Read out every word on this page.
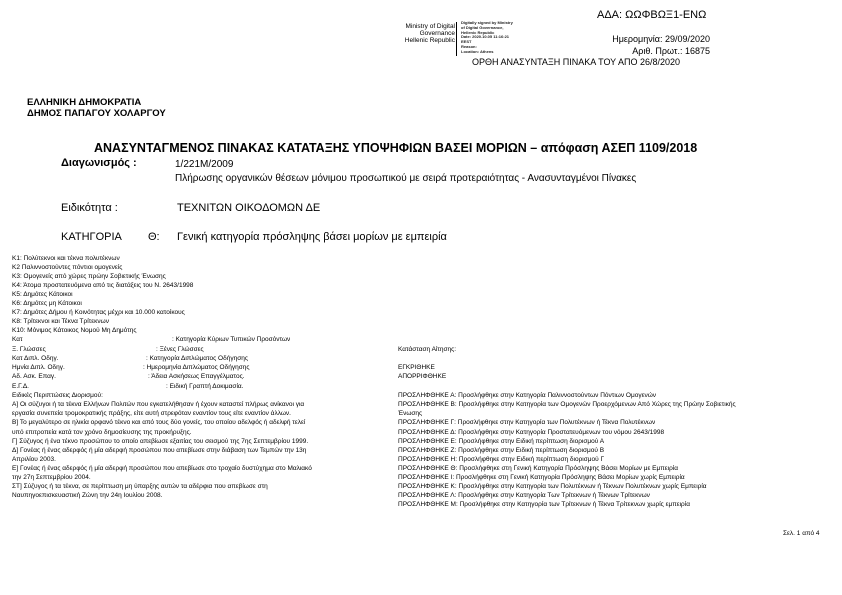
ΑΔΑ: ΩΩΦΒΩΞ1-ΕΝΩ
Ministry of Digital
Governance
Hellenic Republic
Digitally signed by Ministry
of Digital Governance,
Hellenic Republic
Date: 2020.10.05 11:16:21
EEST
Reason:
Location: Athens
Ημερομηνία: 29/09/2020
Αριθ. Πρωτ.: 16875
ΟΡΘΗ ΑΝΑΣΥΝΤΑΞΗ ΠΙΝΑΚΑ ΤΟΥ ΑΠΟ 26/8/2020
ΕΛΛΗΝΙΚΗ ΔΗΜΟΚΡΑΤΙΑ
ΔΗΜΟΣ ΠΑΠΑΓΟΥ ΧΟΛΑΡΓΟΥ
ΑΝΑΣΥΝΤΑΓΜΕΝΟΣ ΠΙΝΑΚΑΣ ΚΑΤΑΤΑΞΗΣ ΥΠΟΨΗΦΙΩΝ ΒΑΣΕΙ ΜΟΡΙΩΝ – απόφαση ΑΣΕΠ 1109/2018
Διαγωνισμός :	1/221Μ/2009
Πλήρωσης οργανικών θέσεων μόνιμου προσωπικού με σειρά προτεραιότητας - Ανασυνταγμένοι Πίνακες
Ειδικότητα :	ΤΕΧΝΙΤΩΝ ΟΙΚΟΔΟΜΩΝ ΔΕ
ΚΑΤΗΓΟΡΙΑ Θ: Γενική κατηγορία πρόσληψης βάσει μορίων με εμπειρία
Κ1: Πολύτεκνοι και τέκνα πολυτέκνων
Κ2 Παλιννοστούντες πόντιοι ομογενείς
Κ3: Ομογενείς από χώρες πρώην Σοβιετικής Ένωσης
Κ4: Άτομα προστατευόμενα από τις διατάξεις του Ν. 2643/1998
Κ5: Δημότες Κάτοικοι
Κ6: Δημότες μη Κάτοικοι
Κ7: Δημότες Δήμου ή Κοινότητας μέχρι και 10.000 κατοίκους
Κ8: Τρίτεκνοι και Τέκνα Τρίτεκνων
Κ10: Μόνιμος Κάτοικος Νομού Μη Δημότης
Κατ	: Κατηγορία Κύριων Τυπικών Προσόντων
Ξ. Γλώσσες	: Ξένες Γλώσσες
Κατ Διπλ. Οδηγ.	: Κατηγορία Διπλώματος Οδήγησης
Ημνία Διπλ. Οδηγ.	: Ημερομηνία Διπλώματος Οδήγησης
Αδ. Ασκ. Επαγ.	: Άδεια Ασκήσεως Επαγγέλματος.
Ε.Γ.Δ.	: Ειδική Γραπτή Δοκιμασία.
Ειδικές Περιπτώσεις Διορισμού:
Α] Οι σύζυγοι ή τα τέκνα Ελλήνων Πολιτών που εγκατελήθησαν ή έχουν καταστεί πλήρως ανίκανοι για
εργασία συνεπεία τρομοκρατικής πράξης, είτε αυτή στρεφόταν εναντίον τους είτε εναντίον άλλων.
Β] Το μεγαλύτερο σε ηλικία ορφανό τέκνο και από τους δύο γονείς, του οποίου αδελφός ή αδελφή τελεί
υπό επιτροπεία κατά τον χρόνο δημοσίευσης της προκήρυξης.
Γ] Σύζυγος ή ένα τέκνο προσώπου το οποίο απεβίωσε εξαιτίας του σεισμού της 7ης Σεπτεμβρίου 1999.
Δ] Γονέας ή ένας αδερφός ή μία αδερφή προσώπου που απεβίωσε στην διάβαση των Τεμπών την 13η
Απριλίου 2003.
Ε] Γονέας ή ένας αδερφός ή μία αδερφή προσώπου που απεβίωσε στο τροχαίο δυστύχημα στο Μαλιακό
την 27η Σεπτεμβρίου 2004.
ΣΤ] Σύζυγος ή τα τέκνα, σε περίπτωση μη ύπαρξης αυτών τα αδέρφια που απεβίωσε στη
Ναυπηγοεπισκευαστική Ζώνη την 24η Ιουλίου 2008.
Κατάσταση Αίτησης:
ΕΓΚΡΙΘΗΚΕ
ΑΠΟΡΡΙΦΘΗΚΕ
ΠΡΟΣΛΗΦΘΗΚΕ Α: Προσλήφθηκε στην Κατηγορία Παλιννοστούντων Πόντιων Ομογενών
ΠΡΟΣΛΗΦΘΗΚΕ Β: Προσλήφθηκε στην Κατηγορία των Ομογενών Προερχόμενων Από Χώρες της Πρώην Σοβιετικής
Ένωσης
ΠΡΟΣΛΗΦΘΗΚΕ Γ: Προσλήφθηκε στην Κατηγορία των Πολυτέκνων ή Τέκνα Πολυτέκνων
ΠΡΟΣΛΗΦΘΗΚΕ Δ: Προσλήφθηκε στην Κατηγορία Προστατευόμενων του νόμου 2643/1998
ΠΡΟΣΛΗΦΘΗΚΕ Ε: Προσλήφθηκε στην Ειδική περίπτωση διορισμού Α
ΠΡΟΣΛΗΦΘΗΚΕ Ζ: Προσλήφθηκε στην Ειδική περίπτωση διορισμού Β
ΠΡΟΣΛΗΦΘΗΚΕ Η: Προσλήφθηκε στην Ειδική περίπτωση διορισμού Γ
ΠΡΟΣΛΗΦΘΗΚΕ Θ: Προσλήφθηκε στη Γενική Κατηγορία Πρόσληψης Βάσει Μορίων με Εμπειρία
ΠΡΟΣΛΗΦΘΗΚΕ Ι: Προσλήφθηκε στη Γενική Κατηγορία Πρόσληψης Βάσει Μορίων χωρίς Εμπειρία
ΠΡΟΣΛΗΦΘΗΚΕ Κ: Προσλήφθηκε στην Κατηγορία των Πολυτέκνων ή Τέκνων Πολυτέκνων χωρίς Εμπειρία
ΠΡΟΣΛΗΦΘΗΚΕ Λ: Προσλήφθηκε στην Κατηγορία Των Τρίτεκνων ή Τέκνων Τρίτεκνων
ΠΡΟΣΛΗΦΘΗΚΕ Μ: Προσλήφθηκε στην Κατηγορία των Τρίτεκνων ή Τέκνα Τρίτεκνων χωρίς εμπειρία
Σελ. 1 από 4
